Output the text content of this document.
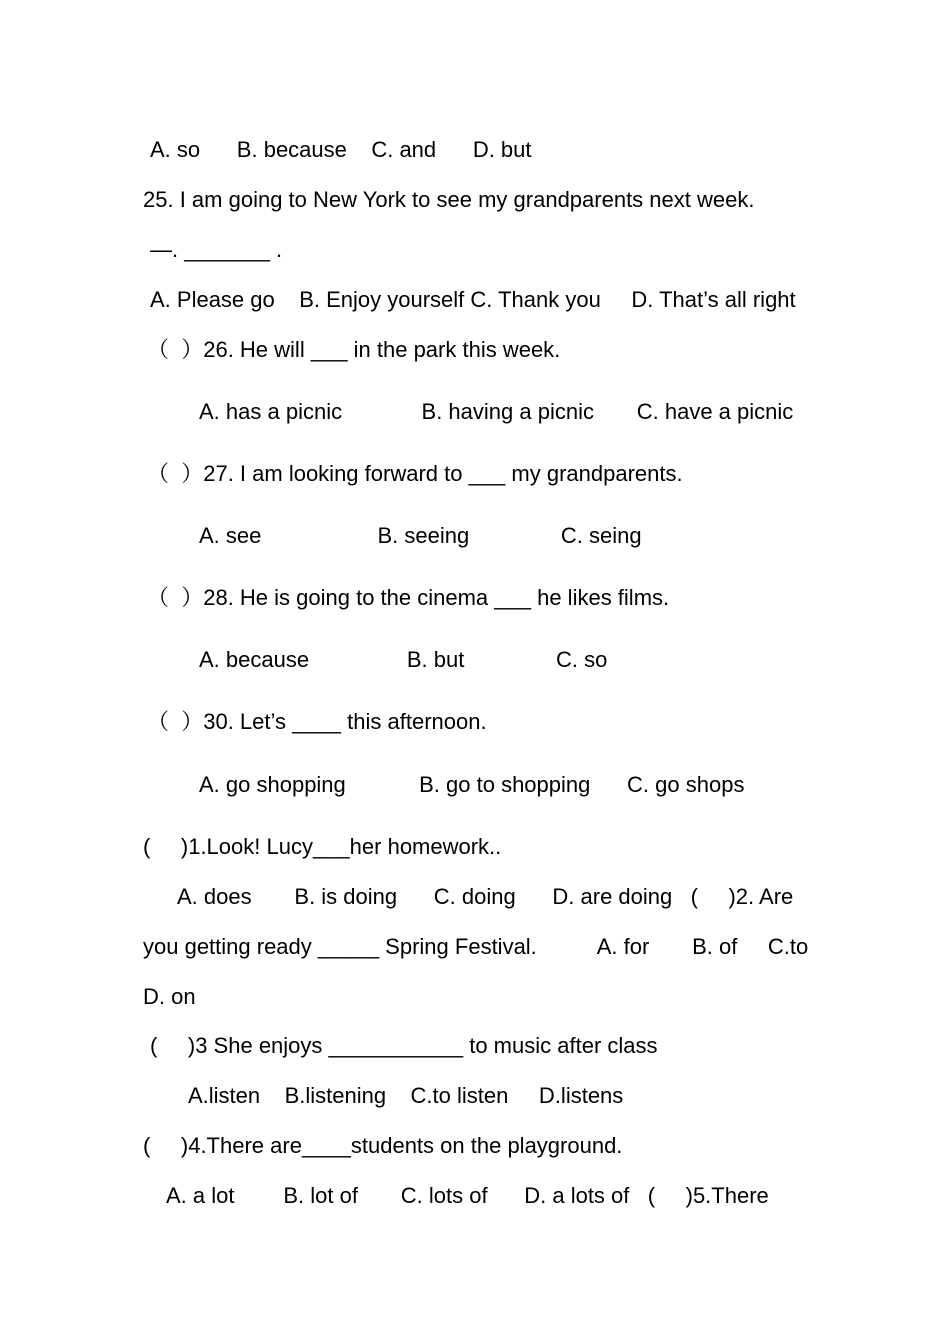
A. so      B. because    C. and      D. but
25. I am going to New York to see my grandparents next week.
—. _______ .
A. Please go    B. Enjoy yourself C. Thank you     D. That’s all right
（  ）26. He will ___ in the park this week.
A. has a picnic             B. having a picnic       C. have a picnic
（  ）27. I am looking forward to ___ my grandparents.
A. see                   B. seeing               C. seing
（  ）28. He is going to the cinema ___ he likes films.
A. because                B. but               C. so
（  ）30. Let’s ____ this afternoon.
A. go shopping            B. go to shopping      C. go shops
(     )1.Look! Lucy___her homework..
A. does       B. is doing      C. doing      D. are doing   (     )2. Are
you getting ready _____ Spring Festival.          A. for       B. of     C.to
D. on
(     )3 She enjoys ___________ to music after class
A.listen    B.listening    C.to listen     D.listens
(     )4.There are____students on the playground.
A. a lot        B. lot of       C. lots of      D. a lots of   (     )5.There
